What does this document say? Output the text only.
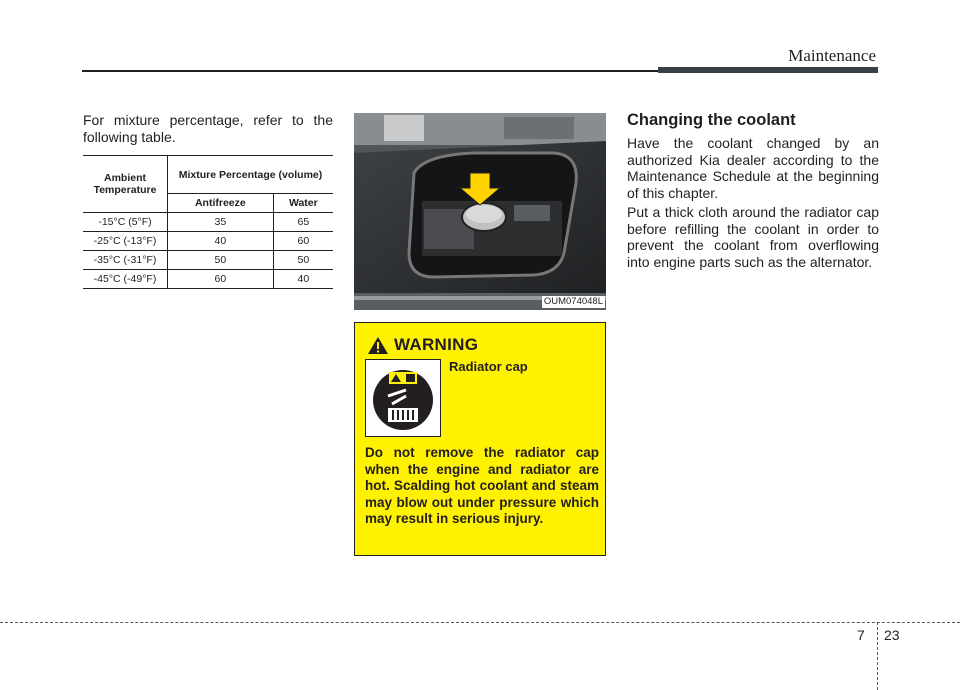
Maintenance

For mixture percentage, refer to the following table.

Ambient Temperature	Mixture Percentage (volume)	
	Antifreeze	Water
-15°C (5°F)	35	65
-25°C (-13°F)	40	60
-35°C (-31°F)	50	50
-45°C (-49°F)	60	40
OUM074048L
WARNING
Radiator cap
Do not remove the radiator cap when the engine and radiator are hot. Scalding hot coolant and steam may blow out under pressure which may result in serious injury.
Changing the coolant

Have the coolant changed by an authorized Kia dealer according to the Maintenance Schedule at the beginning of this chapter.

Put a thick cloth around the radiator cap before refilling the coolant in order to prevent the coolant from overflowing into engine parts such as the alternator.

7 23
